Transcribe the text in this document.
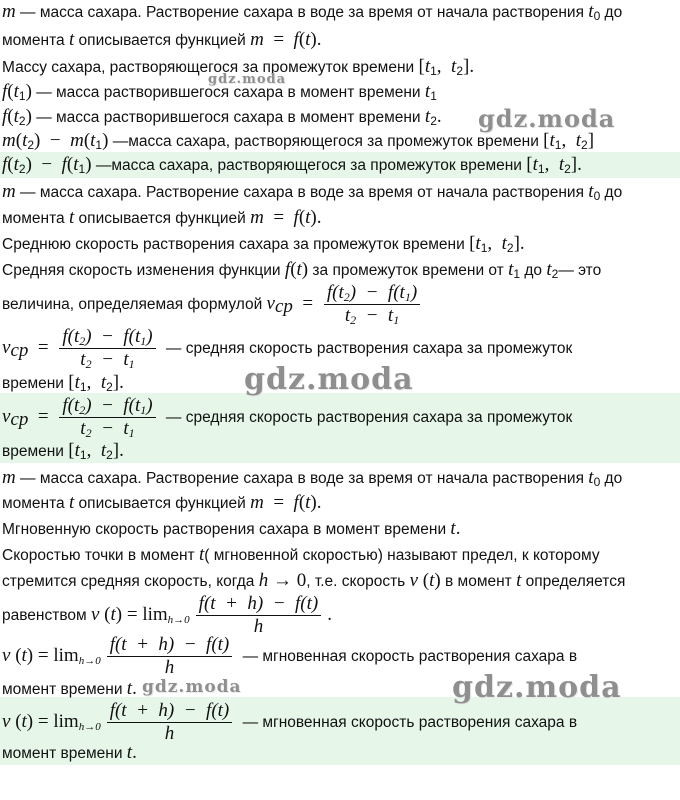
m — масса сахара. Растворение сахара в воде за время от начала растворения $t_0$ до
момента t описывается функцией m  =  f(t).
Массу сахара, растворяющегося за промежуток времени [$t_1$,  $t_2$].
$f(t_1)$ — масса растворившегося сахара в момент времени $t_1$
$f(t_2)$ — масса растворившегося сахара в момент времени $t_2$.
$m(t_2) - m(t_1)$ —масса сахара, растворяющегося за промежуток времени [$t_1$,  $t_2$]
$f(t_2) - f(t_1)$ —масса сахара, растворяющегося за промежуток времени [$t_1$,  $t_2$].
m — масса сахара. Растворение сахара в воде за время от начала растворения $t_0$ до
момента t описывается функцией m  =  f(t).
Среднюю скорость растворения сахара за промежуток времени [$t_1$,  $t_2$].
Средняя скорость изменения функции f(t) за промежуток времени от $t_1$ до $t_2—$ это
величина, определяемая формулой $v_{cp} = \frac{f(t_2) - f(t_1)}{t_2 - t_1}$
$v_{cp} = \frac{f(t_2) - f(t_1)}{t_2 - t_1}$ — средняя скорость растворения сахара за промежуток
времени [$t_1$,  $t_2$].
$v_{cp} = \frac{f(t_2) - f(t_1)}{t_2 - t_1}$ — средняя скорость растворения сахара за промежуток
времени [$t_1$,  $t_2$].
m — масса сахара. Растворение сахара в воде за время от начала растворения $t_0$ до
момента t описывается функцией m  =  f(t).
Мгновенную скорость растворения сахара в момент времени t.
Скоростью точки в момент t( мгновенной скоростью) называют предел, к которому
стремится средняя скорость, когда h → 0, т.е. скорость v (t) в момент t определяется
равенством v $(t) = \lim_{h\to 0} \frac{f(t + h) - f(t)}{h}$ .
v $(t) = \lim_{h\to 0} \frac{f(t + h) - f(t)}{h}$ — мгновенная скорость растворения сахара в
момент времени t.
v $(t) = \lim_{h\to 0} \frac{f(t + h) - f(t)}{h}$ — мгновенная скорость растворения сахара в
момент времени t.
gdz.moda
gdz.moda
gdz.moda
gdz.moda	gdz.moda
